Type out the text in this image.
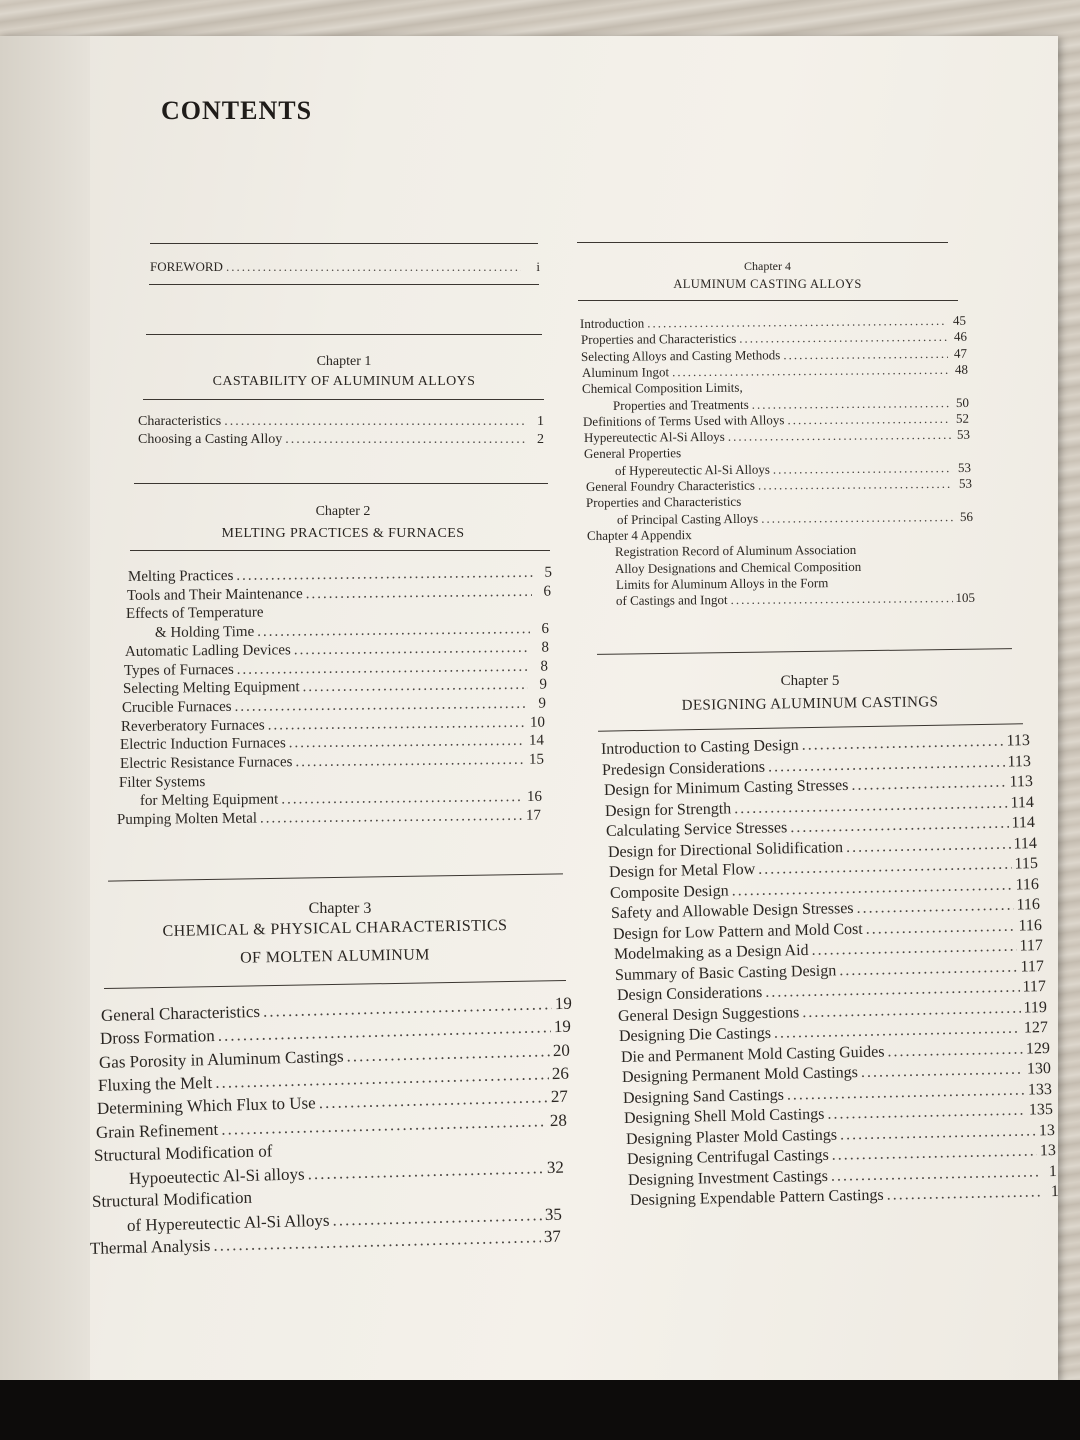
CONTENTS
FOREWORD .....	i
Chapter 1
CASTABILITY OF ALUMINUM ALLOYS
Characteristics .....	1
Choosing a Casting Alloy .....	2
Chapter 2
MELTING PRACTICES & FURNACES
Melting Practices .....	5
Tools and Their Maintenance .....	6
Effects of Temperature
& Holding Time .....	6
Automatic Ladling Devices .....	8
Types of Furnaces .....	8
Selecting Melting Equipment .....	9
Crucible Furnaces .....	9
Reverberatory Furnaces .....	10
Electric Induction Furnaces .....	14
Electric Resistance Furnaces .....	15
Filter Systems
for Melting Equipment .....	16
Pumping Molten Metal .....	17
Chapter 3
CHEMICAL & PHYSICAL CHARACTERISTICS
OF MOLTEN ALUMINUM
General Characteristics .....	19
Dross Formation .....	19
Gas Porosity in Aluminum Castings .....	20
Fluxing the Melt .....	26
Determining Which Flux to Use .....	27
Grain Refinement .....	28
Structural Modification of
Hypoeutectic Al-Si alloys .....	32
Structural Modification
of Hypereutectic Al-Si Alloys .....	35
Thermal Analysis .....	37
Chapter 4
ALUMINUM CASTING ALLOYS
Introduction .....	45
Properties and Characteristics .....	46
Selecting Alloys and Casting Methods .....	47
Aluminum Ingot .....	48
Chemical Composition Limits,
Properties and Treatments .....	50
Definitions of Terms Used with Alloys .....	52
Hypereutectic Al-Si Alloys .....	53
General Properties
of Hypereutectic Al-Si Alloys .....	53
General Foundry Characteristics .....	53
Properties and Characteristics
of Principal Casting Alloys .....	56
Chapter 4 Appendix
Registration Record of Aluminum Association
Alloy Designations and Chemical Composition
Limits for Aluminum Alloys in the Form
of Castings and Ingot .....	105
Chapter 5
DESIGNING ALUMINUM CASTINGS
Introduction to Casting Design .....	113
Predesign Considerations .....	113
Design for Minimum Casting Stresses .....	113
Design for Strength .....	114
Calculating Service Stresses .....	114
Design for Directional Solidification .....	114
Design for Metal Flow .....	115
Composite Design .....	116
Safety and Allowable Design Stresses .....	116
Design for Low Pattern and Mold Cost .....	116
Modelmaking as a Design Aid .....	117
Summary of Basic Casting Design .....	117
Design Considerations .....	117
General Design Suggestions .....	119
Designing Die Castings .....	127
Die and Permanent Mold Casting Guides .....	129
Designing Permanent Mold Castings .....	130
Designing Sand Castings .....	133
Designing Shell Mold Castings .....	135
Designing Plaster Mold Castings .....	13
Designing Centrifugal Castings .....	13
Designing Investment Castings .....	1
Designing Expendable Pattern Castings .....	1
